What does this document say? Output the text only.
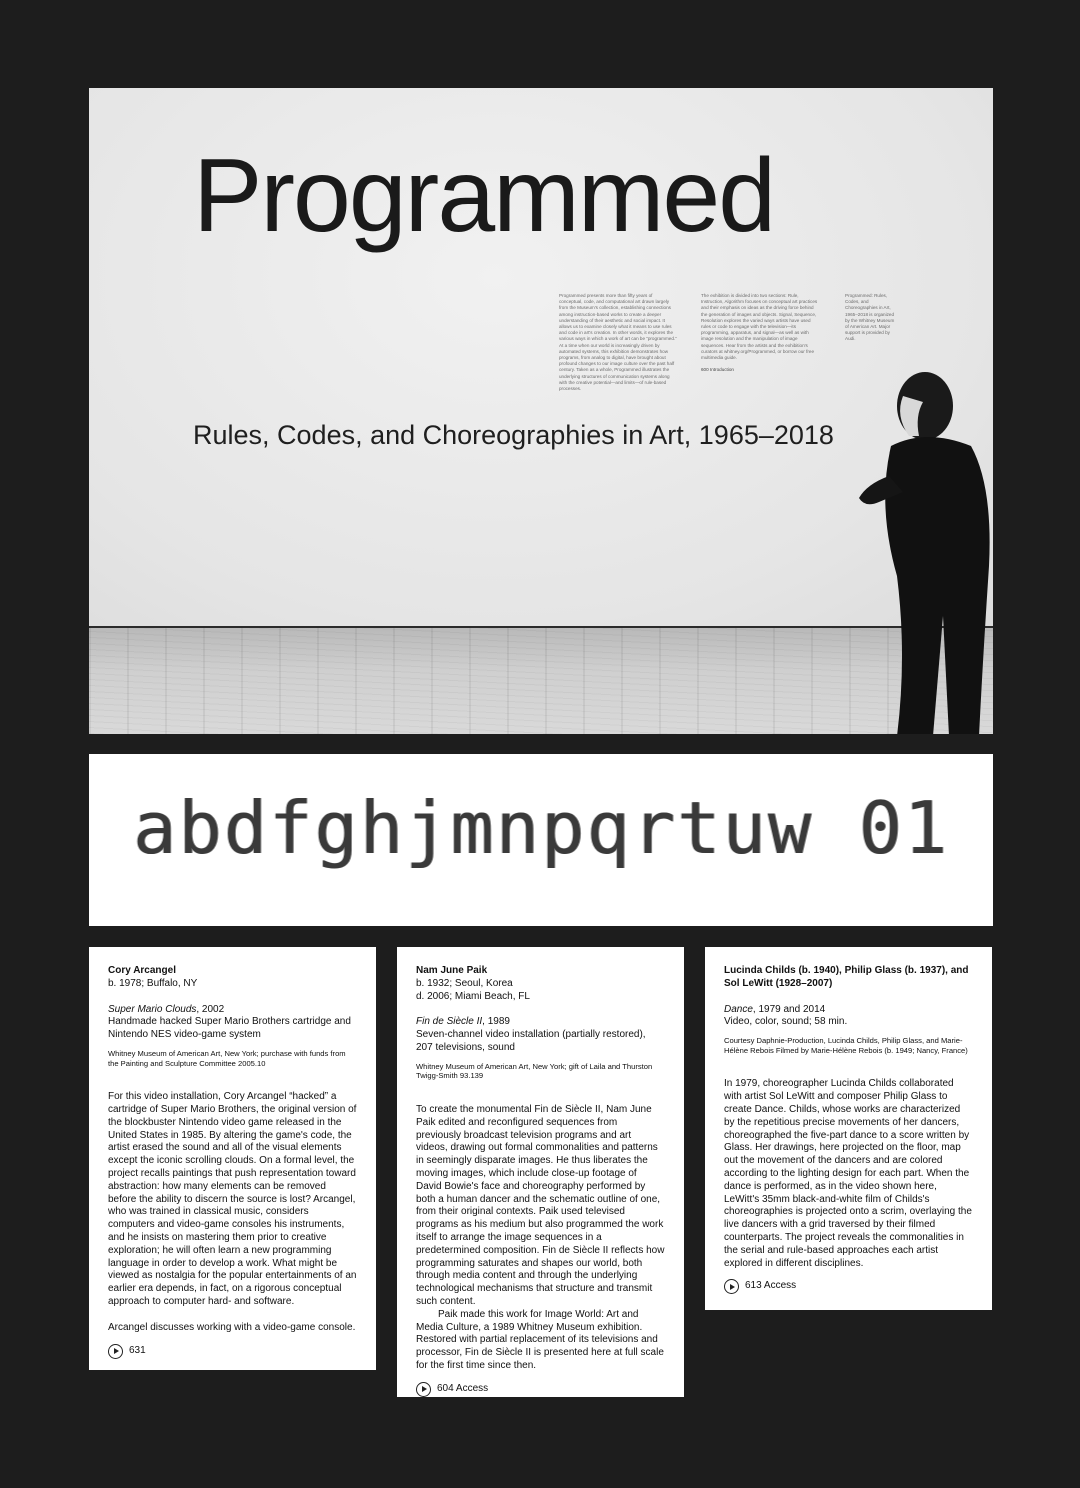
Programmed
Rules, Codes, and Choreographies in Art, 1965–2018
Programmed presents more than fifty years of conceptual, code, and computational art drawn largely from the Museum's collection, establishing connections among instruction-based works to create a deeper understanding of their aesthetic and social impact. It allows us to examine closely what it means to use rules and code in art's creation. In other words, it explores the various ways in which a work of art can be “programmed.” At a time when our world is increasingly driven by automated systems, this exhibition demonstrates how programs, from analog to digital, have brought about profound changes to our image culture over the past half century. Taken as a whole, Programmed illustrates the underlying structures of communication systems along with the creative potential—and limits—of rule-based processes.
The exhibition is divided into two sections: Rule, Instruction, Algorithm focuses on conceptual art practices and their emphasis on ideas as the driving force behind the generation of images and objects. Signal, Sequence, Resolution explores the varied ways artists have used rules or code to engage with the television—its programming, apparatus, and signal—as well as with image resolution and the manipulation of image sequences. Hear from the artists and the exhibition's curators at whitney.org/Programmed, or borrow our free multimedia guide.
600 Introduction
Programmed: Rules, Codes, and Choreographies in Art, 1965–2018 is organized by the Whitney Museum of American Art. Major support is provided by Audi.
abdfghjmnpqrtuw 01
Cory Arcangel
b. 1978; Buffalo, NY
Super Mario Clouds, 2002
Handmade hacked Super Mario Brothers cartridge and Nintendo NES video-game system
Whitney Museum of American Art, New York; purchase with funds from the Painting and Sculpture Committee 2005.10

For this video installation, Cory Arcangel “hacked” a cartridge of Super Mario Brothers, the original version of the blockbuster Nintendo video game released in the United States in 1985. By altering the game's code, the artist erased the sound and all of the visual elements except the iconic scrolling clouds. On a formal level, the project recalls paintings that push representation toward abstraction: how many elements can be removed before the ability to discern the source is lost? Arcangel, who was trained in classical music, considers computers and video-game consoles his instruments, and he insists on mastering them prior to creative exploration; he will often learn a new programming language in order to develop a work. What might be viewed as nostalgia for the popular entertainments of an earlier era depends, in fact, on a rigorous conceptual approach to computer hard- and software.

Arcangel discusses working with a video-game console.
631
Nam June Paik
b. 1932; Seoul, Korea
d. 2006; Miami Beach, FL
Fin de Siècle II, 1989
Seven-channel video installation (partially restored), 207 televisions, sound
Whitney Museum of American Art, New York; gift of Laila and Thurston Twigg-Smith 93.139

To create the monumental Fin de Siècle II, Nam June Paik edited and reconfigured sequences from previously broadcast television programs and art videos, drawing out formal commonalities and patterns in seemingly disparate images. He thus liberates the moving images, which include close-up footage of David Bowie's face and choreography performed by both a human dancer and the schematic outline of one, from their original contexts. Paik used televised programs as his medium but also programmed the work itself to arrange the image sequences in a predetermined composition. Fin de Siècle II reflects how programming saturates and shapes our world, both through media content and through the underlying technological mechanisms that structure and transmit such content.

Paik made this work for Image World: Art and Media Culture, a 1989 Whitney Museum exhibition. Restored with partial replacement of its televisions and processor, Fin de Siècle II is presented here at full scale for the first time since then.

604 Access
Lucinda Childs (b. 1940), Philip Glass (b. 1937), and Sol LeWitt (1928–2007)
Dance, 1979 and 2014
Video, color, sound; 58 min.
Courtesy Daphnie-Production, Lucinda Childs, Philip Glass, and Marie-Hélène Rebois Filmed by Marie-Hélène Rebois (b. 1949; Nancy, France)

In 1979, choreographer Lucinda Childs collaborated with artist Sol LeWitt and composer Philip Glass to create Dance. Childs, whose works are characterized by the repetitious precise movements of her dancers, choreographed the five-part dance to a score written by Glass. Her drawings, here projected on the floor, map out the movement of the dancers and are colored according to the lighting design for each part. When the dance is performed, as in the video shown here, LeWitt's 35mm black-and-white film of Childs's choreographies is projected onto a scrim, overlaying the live dancers with a grid traversed by their filmed counterparts. The project reveals the commonalities in the serial and rule-based approaches each artist explored in different disciplines.

613 Access
